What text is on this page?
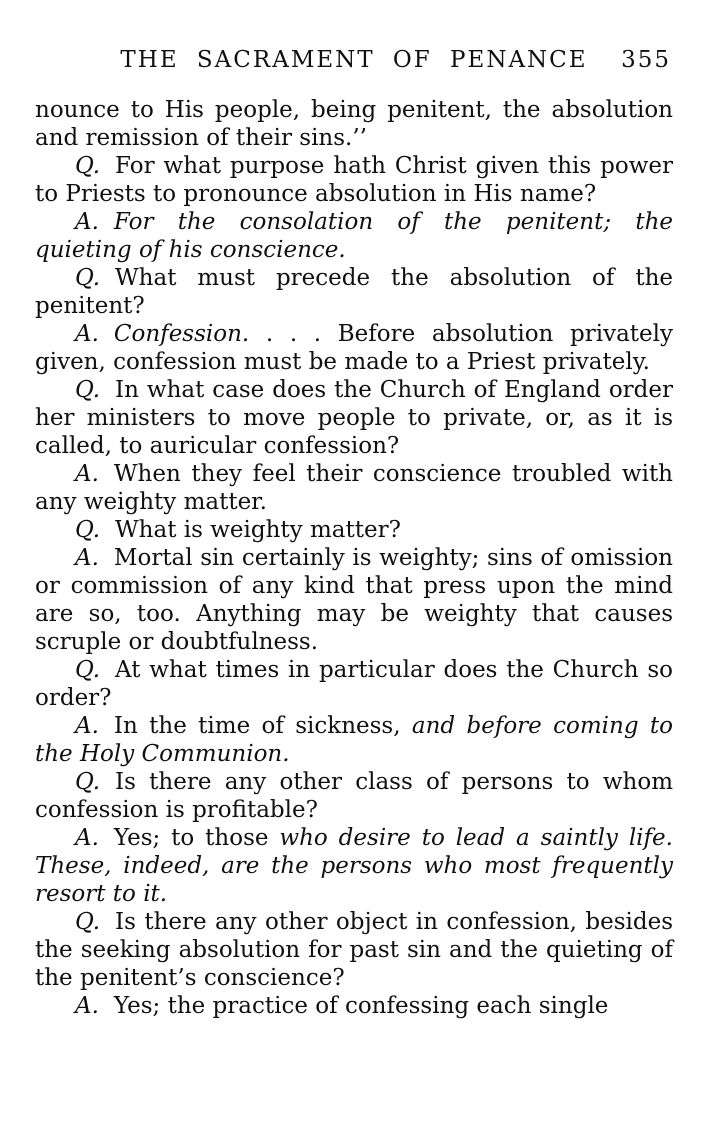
THE SACRAMENT OF PENANCE	355

nounce to His people, being penitent, the absolution and remission of their sins.’’

Q. For what purpose hath Christ given this power to Priests to pronounce absolution in His name?

A. For the consolation of the penitent; the quieting of his conscience.

Q. What must precede the absolution of the penitent?

A. Confession. . . . Before absolution privately given, confession must be made to a Priest privately.

Q. In what case does the Church of England order her ministers to move people to private, or, as it is called, to auricular confession?

A. When they feel their conscience troubled with any weighty matter.

Q. What is weighty matter?

A. Mortal sin certainly is weighty; sins of omission or commission of any kind that press upon the mind are so, too. Anything may be weighty that causes scruple or doubtfulness.

Q. At what times in particular does the Church so order?

A. In the time of sickness, and before coming to the Holy Communion.

Q. Is there any other class of persons to whom confession is profitable?

A. Yes; to those who desire to lead a saintly life. These, indeed, are the persons who most frequently resort to it.

Q. Is there any other object in confession, besides the seeking absolution for past sin and the quieting of the penitent’s conscience?

A. Yes; the practice of confessing each single
